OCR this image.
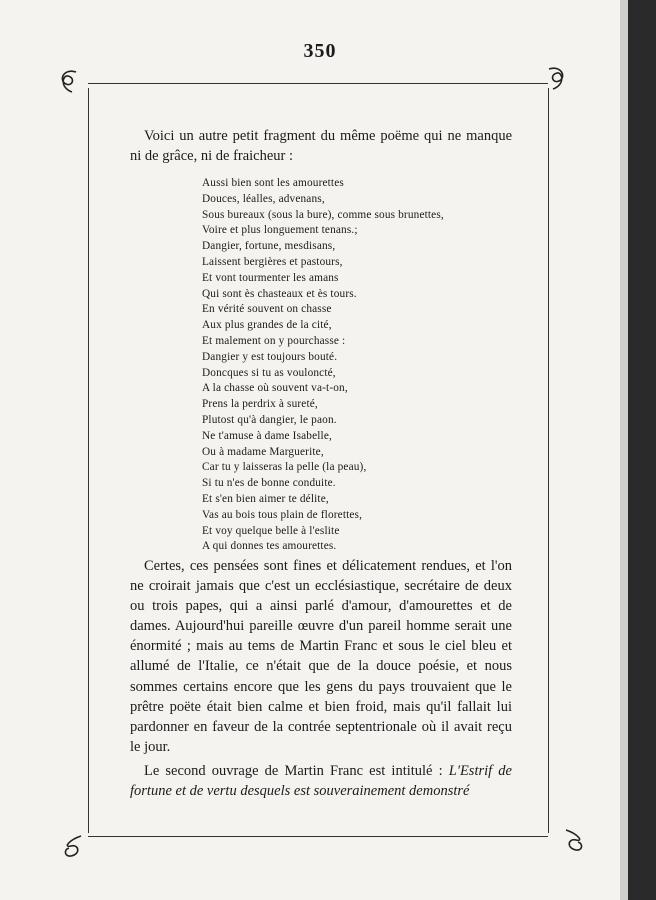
350

Voici un autre petit fragment du même poëme qui ne manque ni de grâce, ni de fraicheur :

Aussi bien sont les amourettes
Douces, léalles, advenans,
Sous bureaux (sous la bure), comme sous brunettes,
Voire et plus longuement tenans.;
Dangier, fortune, mesdisans,
Laissent bergières et pastours,
Et vont tourmenter les amans
Qui sont ès chasteaux et ès tours.
En vérité souvent on chasse
Aux plus grandes de la cité,
Et malement on y pourchasse :
Dangier y est toujours bouté.
Doncques si tu as vouloncté,
A la chasse où souvent va-t-on,
Prens la perdrix à sureté,
Plutost qu'à dangier, le paon.
Ne t'amuse à dame Isabelle,
Ou à madame Marguerite,
Car tu y laisseras la pelle (la peau),
Si tu n'es de bonne conduite.
Et s'en bien aimer te délite,
Vas au bois tous plain de florettes,
Et voy quelque belle à l'eslite
A qui donnes tes amourettes.

Certes, ces pensées sont fines et délicatement rendues, et l'on ne croirait jamais que c'est un ecclésiastique, secrétaire de deux ou trois papes, qui a ainsi parlé d'amour, d'amourettes et de dames. Aujourd'hui pareille œuvre d'un pareil homme serait une énormité ; mais au tems de Martin Franc et sous le ciel bleu et allumé de l'Italie, ce n'était que de la douce poésie, et nous sommes certains encore que les gens du pays trouvaient que le prêtre poëte était bien calme et bien froid, mais qu'il fallait lui pardonner en faveur de la contrée septentrionale où il avait reçu le jour.

Le second ouvrage de Martin Franc est intitulé : L'Estrif de fortune et de vertu desquels est souverainement demonstré
